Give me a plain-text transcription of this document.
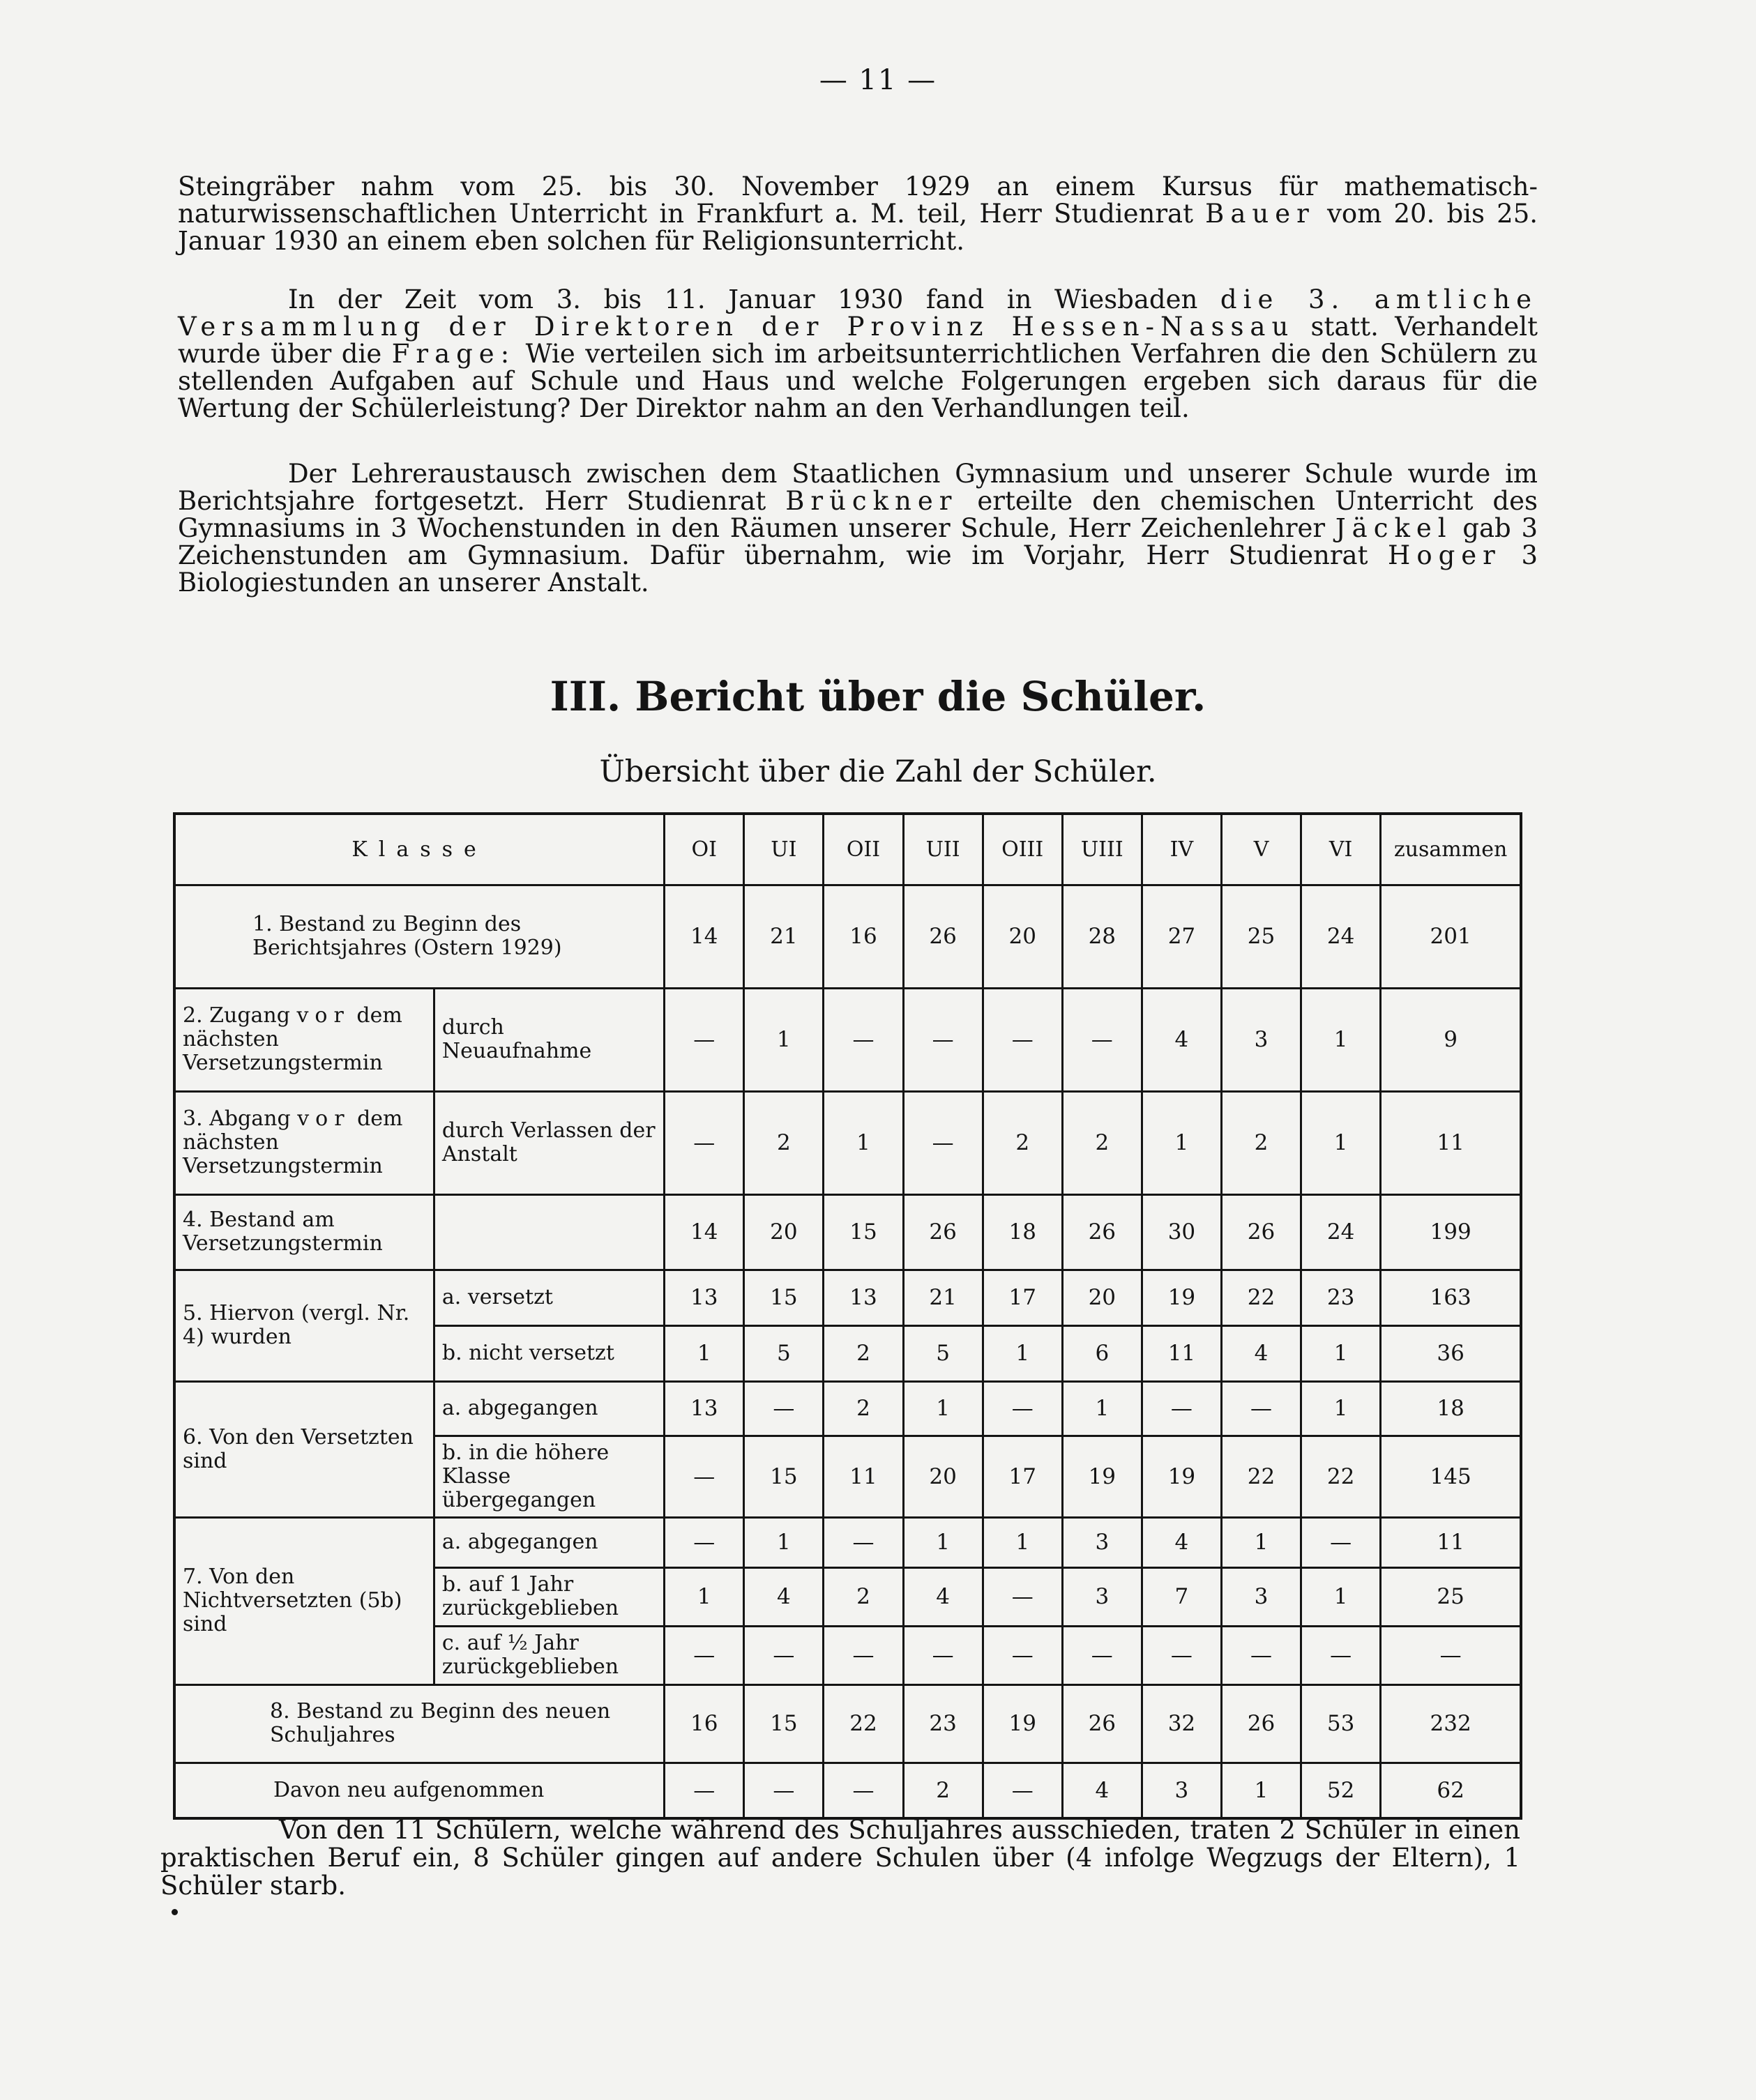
— 11 —
Steingräber nahm vom 25. bis 30. November 1929 an einem Kursus für mathematisch-naturwissenschaftlichen Unterricht in Frankfurt a. M. teil, Herr Studienrat Bauer vom 20. bis 25. Januar 1930 an einem eben solchen für Religionsunterricht.
In der Zeit vom 3. bis 11. Januar 1930 fand in Wiesbaden die 3. amtliche Versammlung der Direktoren der Provinz Hessen-Nassau statt. Verhandelt wurde über die Frage: Wie verteilen sich im arbeitsunterrichtlichen Verfahren die den Schülern zu stellenden Aufgaben auf Schule und Haus und welche Folgerungen ergeben sich daraus für die Wertung der Schülerleistung? Der Direktor nahm an den Verhandlungen teil.
Der Lehreraustausch zwischen dem Staatlichen Gymnasium und unserer Schule wurde im Berichtsjahre fortgesetzt. Herr Studienrat Brückner erteilte den chemischen Unterricht des Gymnasiums in 3 Wochenstunden in den Räumen unserer Schule, Herr Zeichenlehrer Jäckel gab 3 Zeichenstunden am Gymnasium. Dafür übernahm, wie im Vorjahr, Herr Studienrat Hoger 3 Biologiestunden an unserer Anstalt.
III. Bericht über die Schüler.
Übersicht über die Zahl der Schüler.
Klasse		OI	UI	OII	UII	OIII	UIII	IV	V	VI	zusammen
1. Bestand zu Beginn des Berichtsjahres (Ostern 1929)		14	21	16	26	20	28	27	25	24	201
2. Zugang vor dem nächsten Versetzungstermin	durch Neuaufnahme	—	1	—	—	—	—	4	3	1	9
3. Abgang vor dem nächsten Versetzungstermin	durch Verlassen der Anstalt	—	2	1	—	2	2	1	2	1	11
4. Bestand am Versetzungstermin		14	20	15	26	18	26	30	26	24	199
5. Hiervon (vergl. Nr. 4) wurden	a. versetzt	13	15	13	21	17	20	19	22	23	163
	b. nicht versetzt	1	5	2	5	1	6	11	4	1	36
6. Von den Versetzten sind	a. abgegangen	13	—	2	1	—	1	—	—	1	18
	b. in die höhere Klasse übergegangen	—	15	11	20	17	19	19	22	22	145
7. Von den Nichtversetzten (5b) sind	a. abgegangen	—	1	—	1	1	3	4	1	—	11
	b. auf 1 Jahr zurückgeblieben	1	4	2	4	—	3	7	3	1	25
	c. auf ½ Jahr zurückgeblieben	—	—	—	—	—	—	—	—	—	—
8. Bestand zu Beginn des neuen Schuljahres		16	15	22	23	19	26	32	26	53	232
Davon neu aufgenommen		—	—	—	2	—	4	3	1	52	62
Von den 11 Schülern, welche während des Schuljahres ausschieden, traten 2 Schüler in einen praktischen Beruf ein, 8 Schüler gingen auf andere Schulen über (4 infolge Wegzugs der Eltern), 1 Schüler starb.
